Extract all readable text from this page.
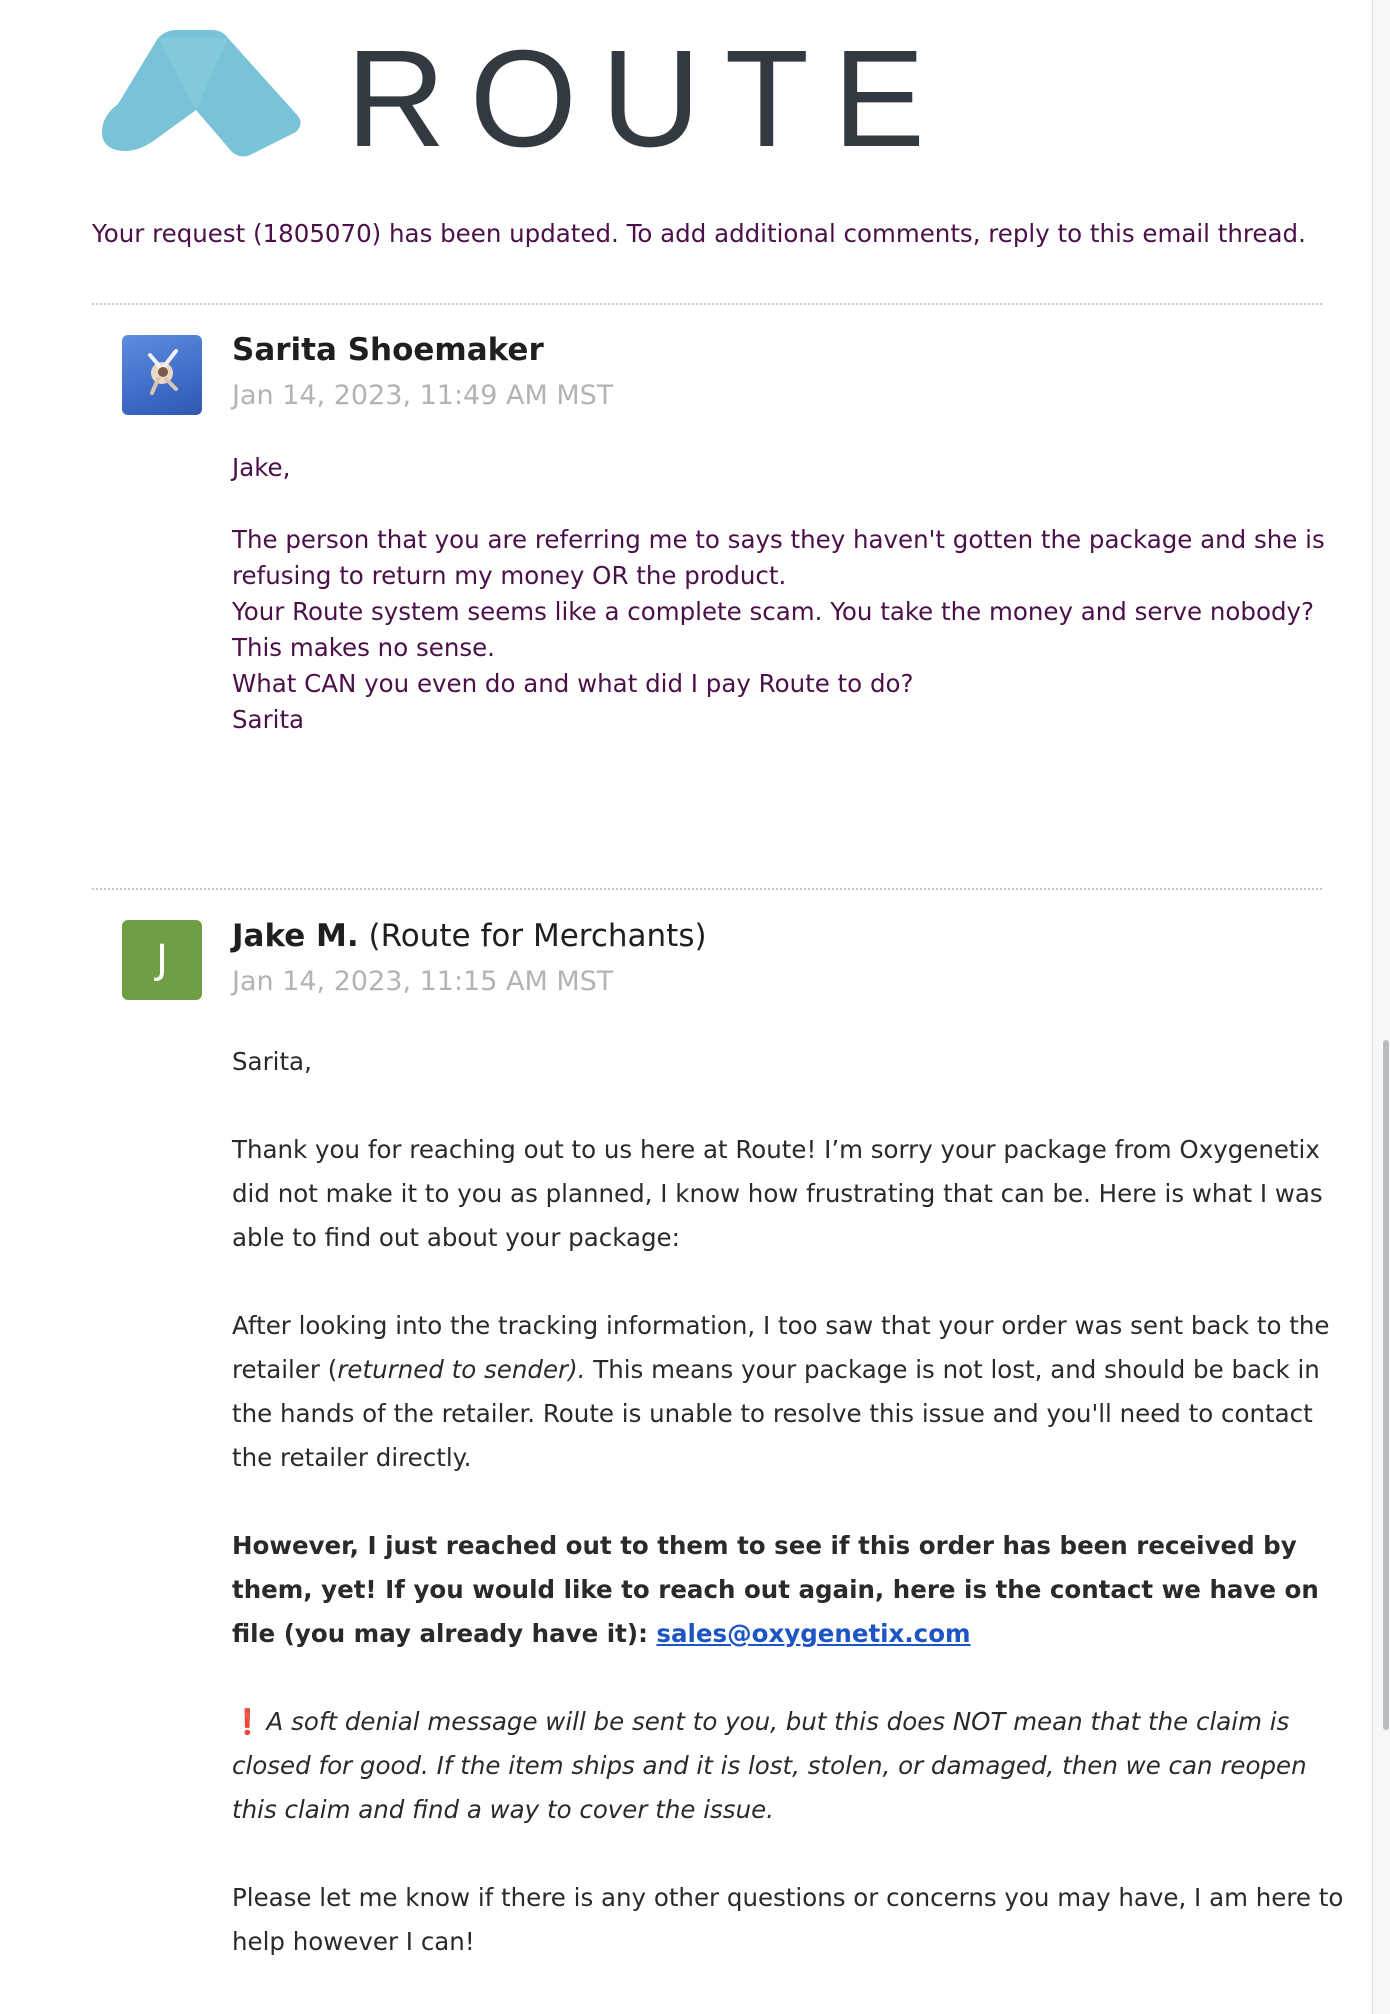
ROUTE
Your request (1805070) has been updated. To add additional comments, reply to this email thread.
Sarita Shoemaker
Jan 14, 2023, 11:49 AM MST

Jake,

The person that you are referring me to says they haven't gotten the package and she is

refusing to return my money OR the product.

Your Route system seems like a complete scam. You take the money and serve nobody?

This makes no sense.

What CAN you even do and what did I pay Route to do?

Sarita

J
Jake M. (Route for Merchants)
Jan 14, 2023, 11:15 AM MST

Sarita,

Thank you for reaching out to us here at Route! I’m sorry your package from Oxygenetix did not make it to you as planned, I know how frustrating that can be. Here is what I was able to find out about your package:

After looking into the tracking information, I too saw that your order was sent back to the retailer (returned to sender). This means your package is not lost, and should be back in the hands of the retailer. Route is unable to resolve this issue and you'll need to contact the retailer directly.

However, I just reached out to them to see if this order has been received by them, yet! If you would like to reach out again, here is the contact we have on file (you may already have it): sales@oxygenetix.com

❗ A soft denial message will be sent to you, but this does NOT mean that the claim is closed for good. If the item ships and it is lost, stolen, or damaged, then we can reopen this claim and find a way to cover the issue.

Please let me know if there is any other questions or concerns you may have, I am here to help however I can!
